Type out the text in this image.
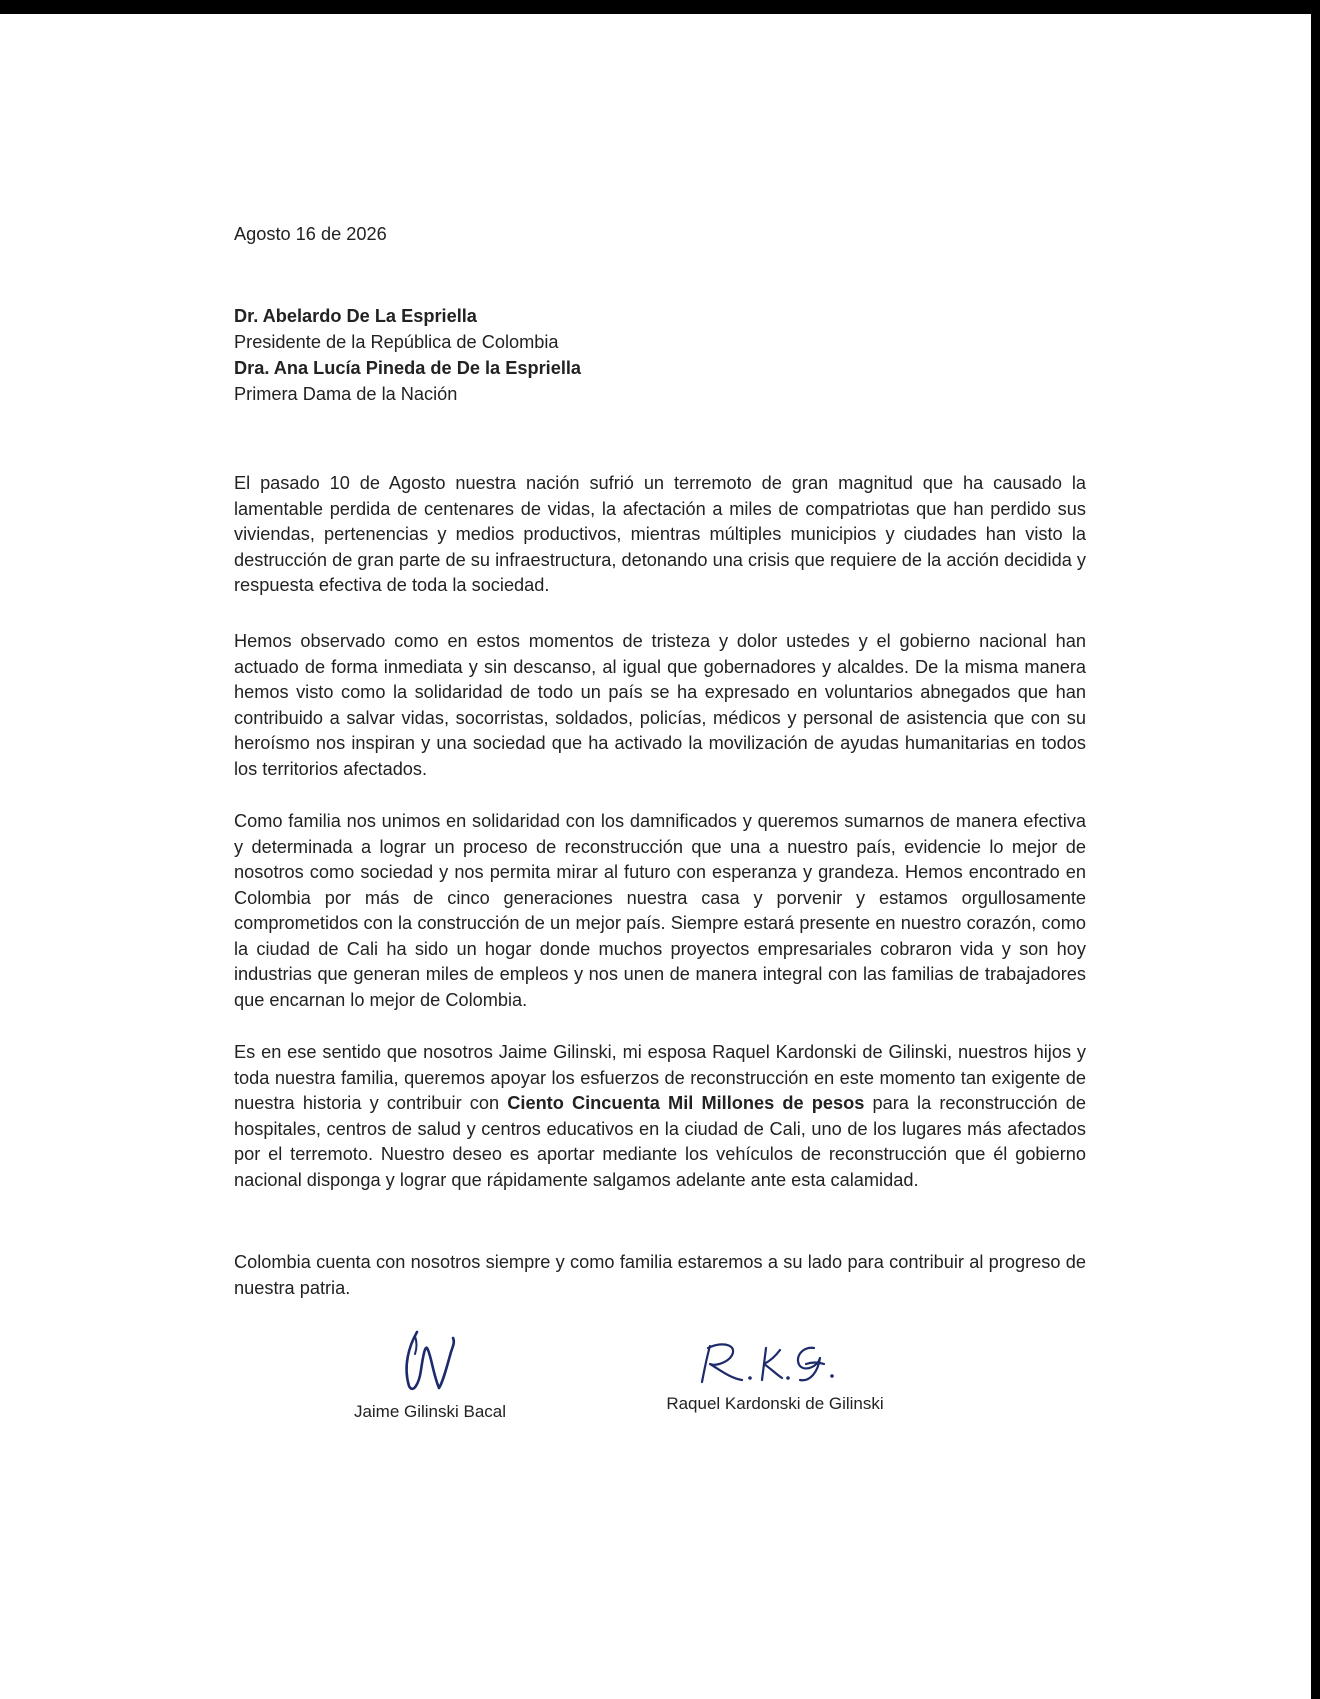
Agosto 16 de 2026
Dr. Abelardo De La Espriella
Presidente de la República de Colombia
Dra. Ana Lucía Pineda de De la Espriella
Primera Dama de la Nación

El pasado 10 de Agosto nuestra nación sufrió un terremoto de gran magnitud que ha causado la lamentable perdida de centenares de vidas, la afectación a miles de compatriotas que han perdido sus viviendas, pertenencias y medios productivos, mientras múltiples municipios y ciudades han visto la destrucción de gran parte de su infraestructura, detonando una crisis que requiere de la acción decidida y respuesta efectiva de toda la sociedad.

Hemos observado como en estos momentos de tristeza y dolor ustedes y el gobierno nacional han actuado de forma inmediata y sin descanso, al igual que gobernadores y alcaldes. De la misma manera hemos visto como la solidaridad de todo un país se ha expresado en voluntarios abnegados que han contribuido a salvar vidas, socorristas, soldados, policías, médicos y personal de asistencia que con su heroísmo nos inspiran y una sociedad que ha activado la movilización de ayudas humanitarias en todos los territorios afectados.

Como familia nos unimos en solidaridad con los damnificados y queremos sumarnos de manera efectiva y determinada a lograr un proceso de reconstrucción que una a nuestro país, evidencie lo mejor de nosotros como sociedad y nos permita mirar al futuro con esperanza y grandeza. Hemos encontrado en Colombia por más de cinco generaciones nuestra casa y porvenir y estamos orgullosamente comprometidos con la construcción de un mejor país. Siempre estará presente en nuestro corazón, como la ciudad de Cali ha sido un hogar donde muchos proyectos empresariales cobraron vida y son hoy industrias que generan miles de empleos y nos unen de manera integral con las familias de trabajadores que encarnan lo mejor de Colombia.

Es en ese sentido que nosotros Jaime Gilinski, mi esposa Raquel Kardonski de Gilinski, nuestros hijos y toda nuestra familia, queremos apoyar los esfuerzos de reconstrucción en este momento tan exigente de nuestra historia y contribuir con Ciento Cincuenta Mil Millones de pesos para la reconstrucción de hospitales, centros de salud y centros educativos en la ciudad de Cali, uno de los lugares más afectados por el terremoto. Nuestro deseo es aportar mediante los vehículos de reconstrucción que él gobierno nacional disponga y lograr que rápidamente salgamos adelante ante esta calamidad.

Colombia cuenta con nosotros siempre y como familia estaremos a su lado para contribuir al progreso de nuestra patria.

Jaime Gilinski Bacal	Raquel Kardonski de Gilinski
